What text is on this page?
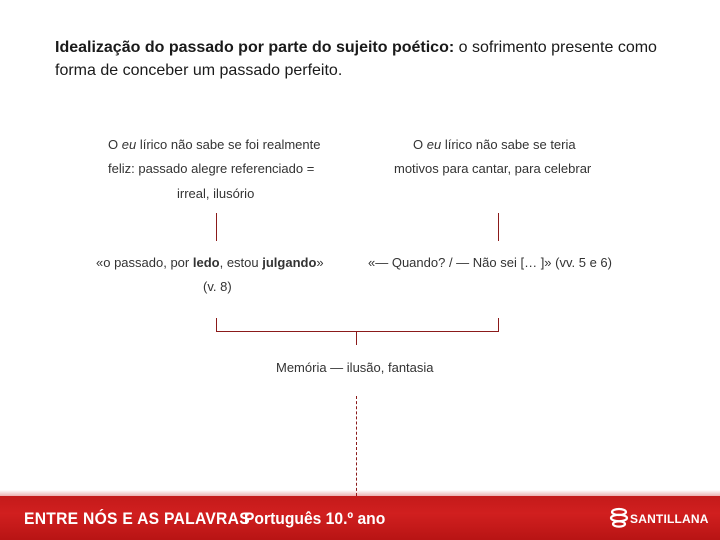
Idealização do passado por parte do sujeito poético: o sofrimento presente como forma de conceber um passado perfeito.
O eu lírico não sabe se foi realmente
feliz: passado alegre referenciado =
irreal, ilusório
«o passado, por ledo, estou julgando»
(v. 8)
O eu lírico não sabe se teria
motivos para cantar, para celebrar
«— Quando? / — Não sei [… ]» (vv. 5 e 6)
Memória — ilusão, fantasia
ENTRE NÓS E AS PALAVRAS
Português 10.º ano	SANTILLANA
